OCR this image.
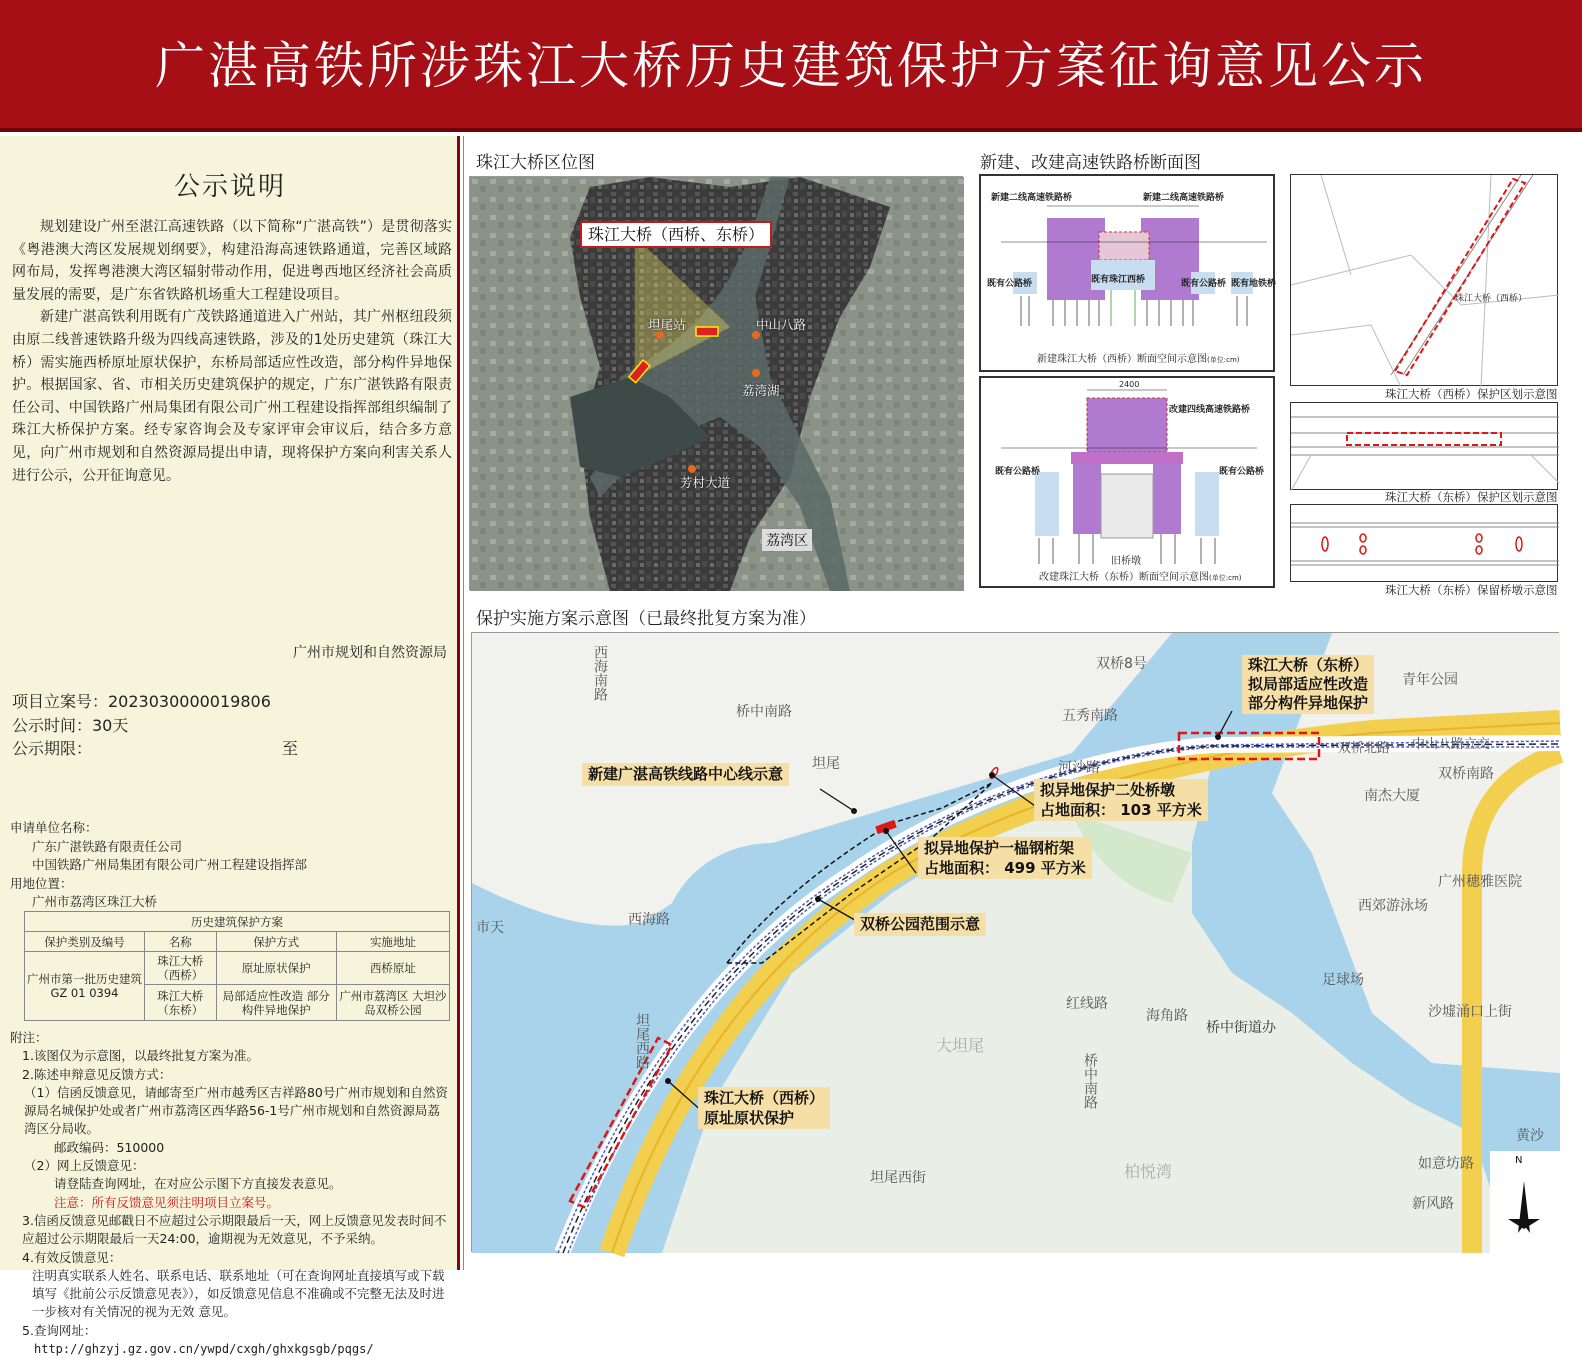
广湛高铁所涉珠江大桥历史建筑保护方案征询意见公示
公示说明

规划建设广州至湛江高速铁路（以下简称“广湛高铁”）是贯彻落实《粤港澳大湾区发展规划纲要》，构建沿海高速铁路通道，完善区域路网布局，发挥粤港澳大湾区辐射带动作用，促进粤西地区经济社会高质量发展的需要，是广东省铁路机场重大工程建设项目。

新建广湛高铁利用既有广茂铁路通道进入广州站，其广州枢纽段须由原二线普速铁路升级为四线高速铁路，涉及的1处历史建筑（珠江大桥）需实施西桥原址原状保护，东桥局部适应性改造，部分构件异地保护。根据国家、省、市相关历史建筑保护的规定，广东广湛铁路有限责任公司、中国铁路广州局集团有限公司广州工程建设指挥部组织编制了珠江大桥保护方案。经专家咨询会及专家评审会审议后，结合多方意见，向广州市规划和自然资源局提出申请，现将保护方案向利害关系人进行公示，公开征询意见。

广州市规划和自然资源局
项目立案号：2023030000019806
公示时间：30天
公示期限：	至
申请单位名称：
广东广湛铁路有限责任公司
中国铁路广州局集团有限公司广州工程建设指挥部
用地位置：
广州市荔湾区珠江大桥
历史建筑保护方案			
保护类别及编号	名称	保护方式	实施地址
广州市第一批历史建筑 GZ 01 0394	珠江大桥（西桥）	原址原状保护	西桥原址
	珠江大桥（东桥）	局部适应性改造 部分构件异地保护	广州市荔湾区 大坦沙岛双桥公园
附注：
1.该图仅为示意图，以最终批复方案为准。
2.陈述申辩意见反馈方式：
（1）信函反馈意见，请邮寄至广州市越秀区吉祥路80号广州市规划和自然资源局名城保护处或者广州市荔湾区西华路56-1号广州市规划和自然资源局荔湾区分局收。
邮政编码：510000
（2）网上反馈意见：
请登陆查询网址，在对应公示图下方直接发表意见。
注意：所有反馈意见须注明项目立案号。
3.信函反馈意见邮戳日不应超过公示期限最后一天，网上反馈意见发表时间不应超过公示期限最后一天24:00，逾期视为无效意见，不予采纳。
4.有效反馈意见：
注明真实联系人姓名、联系电话、联系地址（可在查询网址直接填写或下载填写《批前公示反馈意见表》），如反馈意见信息不准确或不完整无法及时进一步核对有关情况的视为无效 意见。
5.查询网址：
http://ghzyj.gz.gov.cn/ywpd/cxgh/ghxkgsgb/pqgs/
珠江大桥区位图
珠江大桥（西桥、东桥）
坦尾站	中山八路
荔湾湖
芳村大道
荔湾区
新建、改建高速铁路桥断面图
新建二线高速铁路桥	新建二线高速铁路桥
既有公路桥	既有珠江西桥	既有公路桥 既有地铁桥
新建珠江大桥（西桥）断面空间示意图(单位:cm)
2400
改建四线高速铁路桥
既有公路桥	既有公路桥
旧桥墩
改建珠江大桥（东桥）断面空间示意图(单位:cm)
珠江大桥（西桥）
珠江大桥（西桥）保护区划示意图
珠江大桥（东桥）保护区划示意图
珠江大桥（东桥）保留桥墩示意图
保护实施方案示意图（已最终批复方案为准）
西海南路
桥中南路
双桥8号
五秀南路
坦尾	河沙路
双桥北路 中山八路立交
青年公园
双桥南路
南杰大厦
广州穗雅医院
西郊游泳场
足球场
海角路
桥中街道办
大坦尾
坦尾西街
坦尾西路
如意坊路
新风路
黄沙
市天	西海路
红线路
桥中南路
柏悦湾
沙墟涌口上街
珠江大桥（东桥）
拟局部适应性改造
部分构件异地保护
新建广湛高铁线路中心线示意
拟异地保护二处桥墩
占地面积： 103 平方米
拟异地保护一榀钢桁架
占地面积： 499 平方米
双桥公园范围示意
珠江大桥（西桥）
原址原状保护
N
